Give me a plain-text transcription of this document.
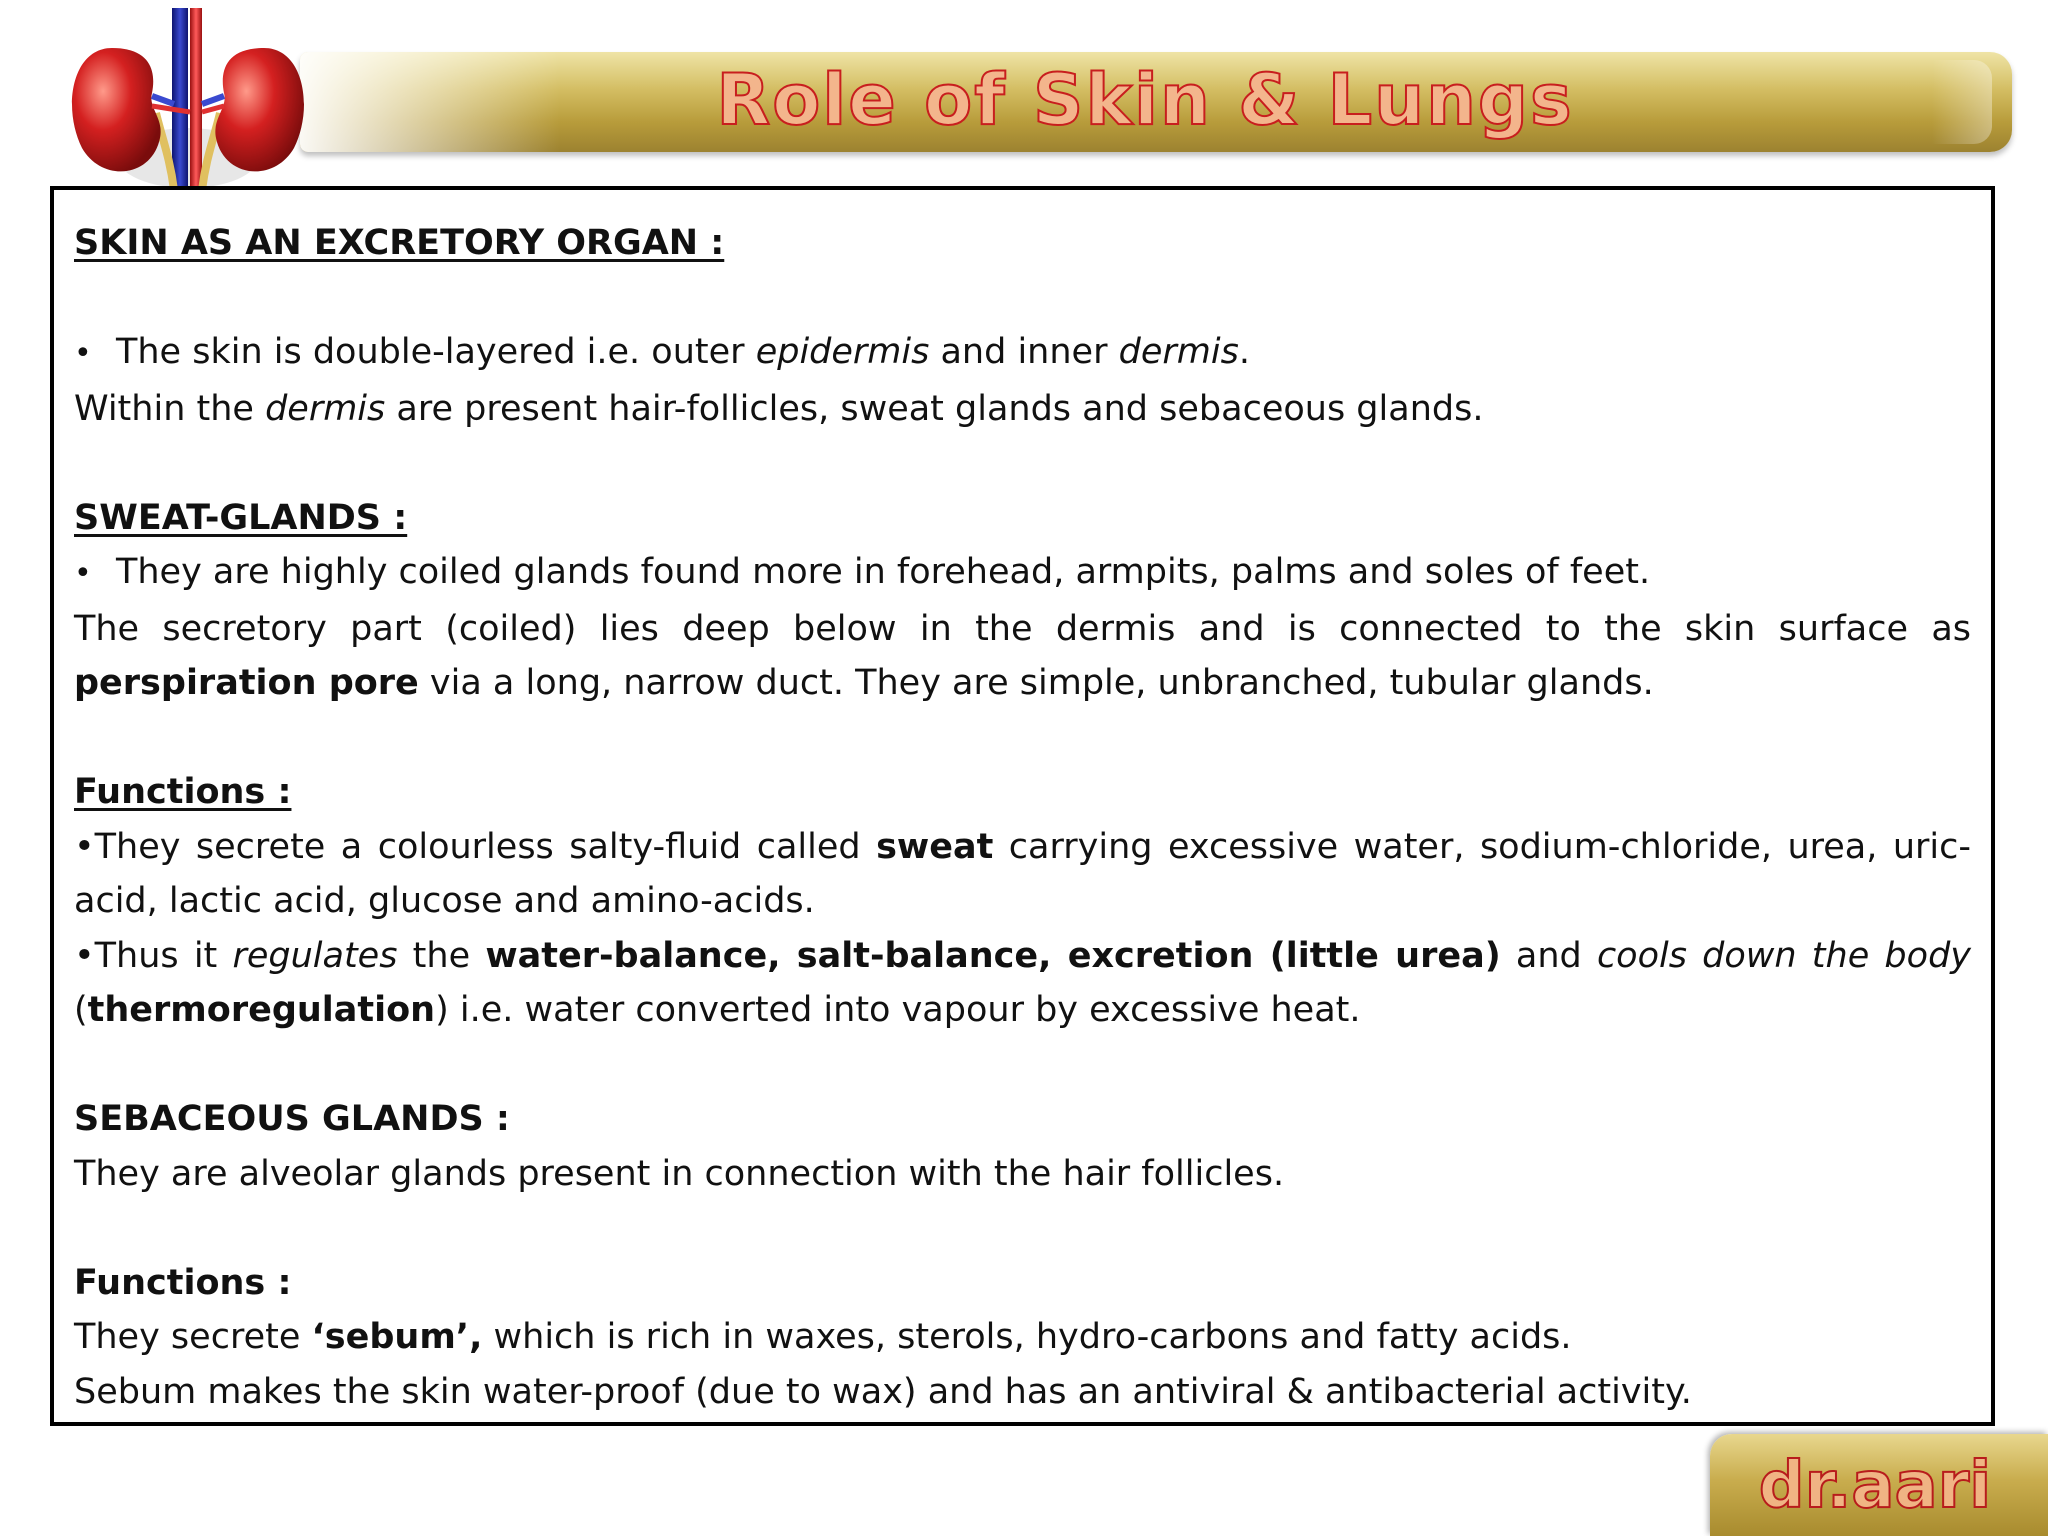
Role of Skin & Lungs

SKIN AS AN EXCRETORY ORGAN :

• The skin is double-layered i.e. outer epidermis and inner dermis.

Within the dermis are present hair-follicles, sweat glands and sebaceous glands.

SWEAT-GLANDS :

• They are highly coiled glands found more in forehead, armpits, palms and soles of feet.

The secretory part (coiled) lies deep below in the dermis and is connected to the skin surface as perspiration pore via a long, narrow duct. They are simple, unbranched, tubular glands.

Functions :

•They secrete a colourless salty-fluid called sweat carrying excessive water, sodium-chloride, urea, uric-acid, lactic acid, glucose and amino-acids.

•Thus it regulates the water-balance, salt-balance, excretion (little urea) and cools down the body (thermoregulation) i.e. water converted into vapour by excessive heat.

SEBACEOUS GLANDS :

They are alveolar glands present in connection with the hair follicles.

Functions :

They secrete ‘sebum’, which is rich in waxes, sterols, hydro-carbons and fatty acids.

Sebum makes the skin water-proof (due to wax) and has an antiviral & antibacterial activity.

dr.aari
